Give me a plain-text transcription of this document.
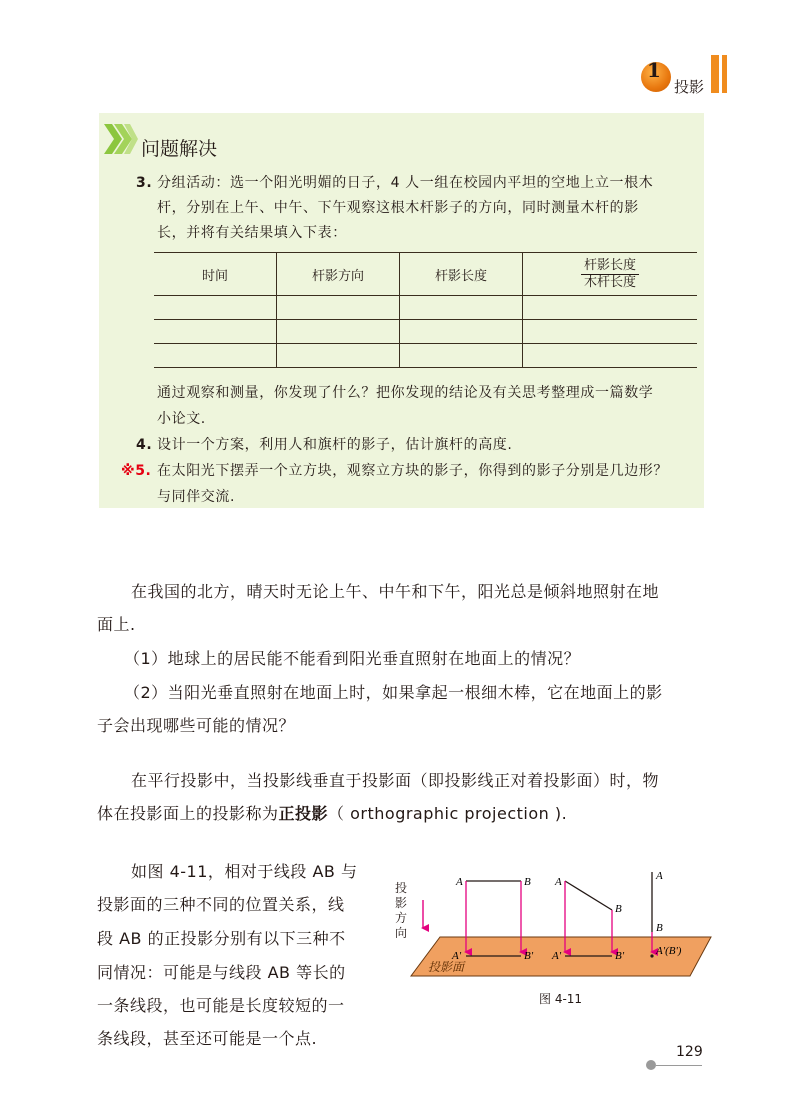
1
投影
问题解决
3. 分组活动：选一个阳光明媚的日子，4 人一组在校园内平坦的空地上立一根木
杆，分别在上午、中午、下午观察这根木杆影子的方向，同时测量木杆的影
长，并将有关结果填入下表：
时间	杆影方向	杆影长度	$\frac{\text{杆影长度}}{\text{木杆长度}}$

通过观察和测量，你发现了什么？把你发现的结论及有关思考整理成一篇数学
小论文.
4. 设计一个方案，利用人和旗杆的影子，估计旗杆的高度.
※5. 在太阳光下摆弄一个立方块，观察立方块的影子，你得到的影子分别是几边形？
与同伴交流.
在我国的北方，晴天时无论上午、中午和下午，阳光总是倾斜地照射在地
面上.
（1）地球上的居民能不能看到阳光垂直照射在地面上的情况？
（2）当阳光垂直照射在地面上时，如果拿起一根细木棒，它在地面上的影
子会出现哪些可能的情况？
在平行投影中，当投影线垂直于投影面（即投影线正对着投影面）时，物
体在投影面上的投影称为正投影（ orthographic projection ).
如图 4-11，相对于线段 AB 与
投影面的三种不同的位置关系，线
段 AB 的正投影分别有以下三种不
同情况：可能是与线段 AB 等长的
一条线段，也可能是长度较短的一
条线段，甚至还可能是一个点.
投影面
投
影
方
向
A	B
A'	B'
A
B
A'	B'
A
B
A'(B')
图 4-11
129
